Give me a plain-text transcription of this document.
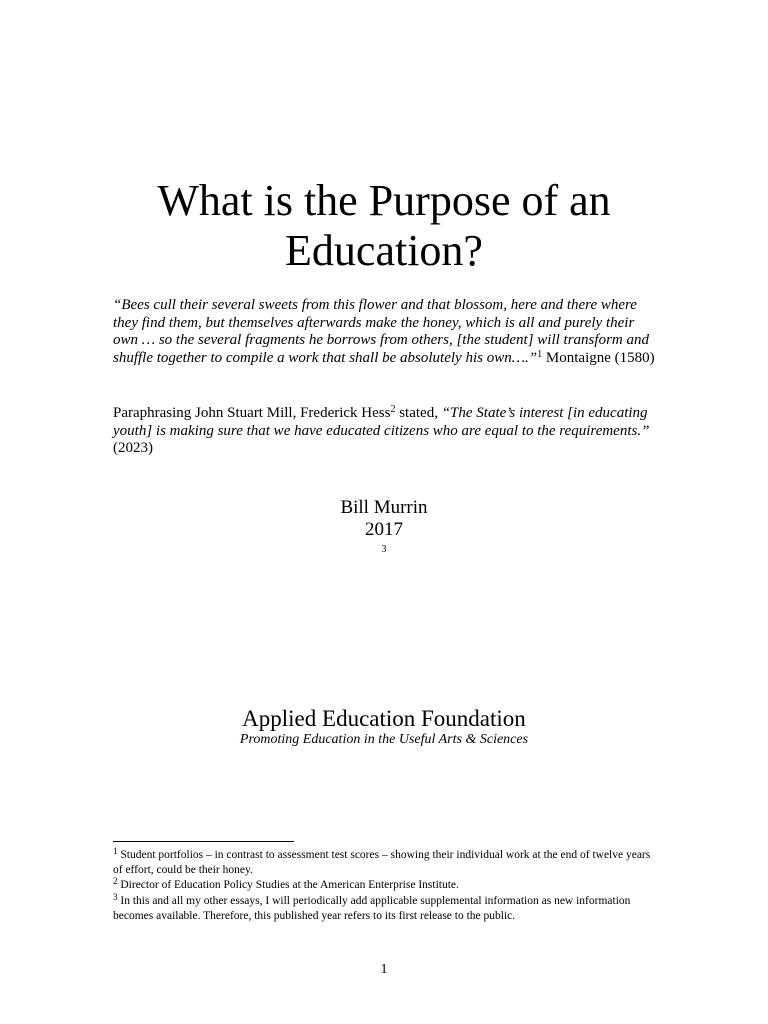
What is the Purpose of an
Education?

“Bees cull their several sweets from this flower and that blossom, here and there where they find them, but themselves afterwards make the honey, which is all and purely their own … so the several fragments he borrows from others, [the student] will transform and shuffle together to compile a work that shall be absolutely his own….”$^1$ Montaigne (1580)

Paraphrasing John Stuart Mill, Frederick Hess$^2$ stated, “The State’s interest [in educating youth] is making sure that we have educated citizens who are equal to the requirements.” (2023)

Bill Murrin
2017
$^3$
Applied Education Foundation
Promoting Education in the Useful Arts & Sciences

$^1$ Student portfolios – in contrast to assessment test scores – showing their individual work at the end of twelve years of effort, could be their honey.

$^2$ Director of Education Policy Studies at the American Enterprise Institute.

$^3$ In this and all my other essays, I will periodically add applicable supplemental information as new information becomes available. Therefore, this published year refers to its first release to the public.

1
